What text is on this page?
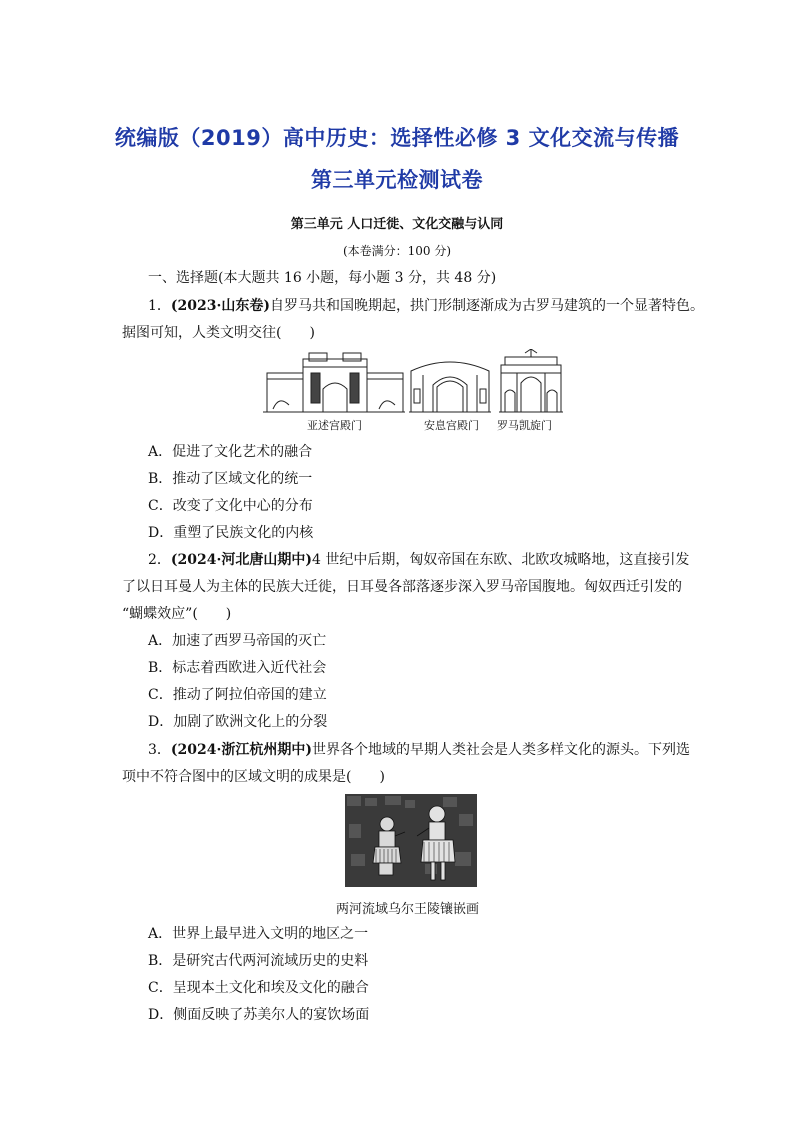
统编版（2019）高中历史：选择性必修 3 文化交流与传播
第三单元检测试卷
第三单元 人口迁徙、文化交融与认同
(本卷满分：100 分)
一、选择题(本大题共 16 小题，每小题 3 分，共 48 分)
1．(2023·山东卷)自罗马共和国晚期起，拱门形制逐渐成为古罗马建筑的一个显著特色。
据图可知，人类文明交往(　　)
亚述宫殿门	安息宫殿门 罗马凯旋门
A．促进了文化艺术的融合
B．推动了区域文化的统一
C．改变了文化中心的分布
D．重塑了民族文化的内核
2．(2024·河北唐山期中)4 世纪中后期，匈奴帝国在东欧、北欧攻城略地，这直接引发
了以日耳曼人为主体的民族大迁徙，日耳曼各部落逐步深入罗马帝国腹地。匈奴西迁引发的
“蝴蝶效应”(　　)
A．加速了西罗马帝国的灭亡
B．标志着西欧进入近代社会
C．推动了阿拉伯帝国的建立
D．加剧了欧洲文化上的分裂
3．(2024·浙江杭州期中)世界各个地域的早期人类社会是人类多样文化的源头。下列选
项中不符合图中的区域文明的成果是(　　)
两河流域乌尔王陵镶嵌画
A．世界上最早进入文明的地区之一
B．是研究古代两河流域历史的史料
C．呈现本土文化和埃及文化的融合
D．侧面反映了苏美尔人的宴饮场面
